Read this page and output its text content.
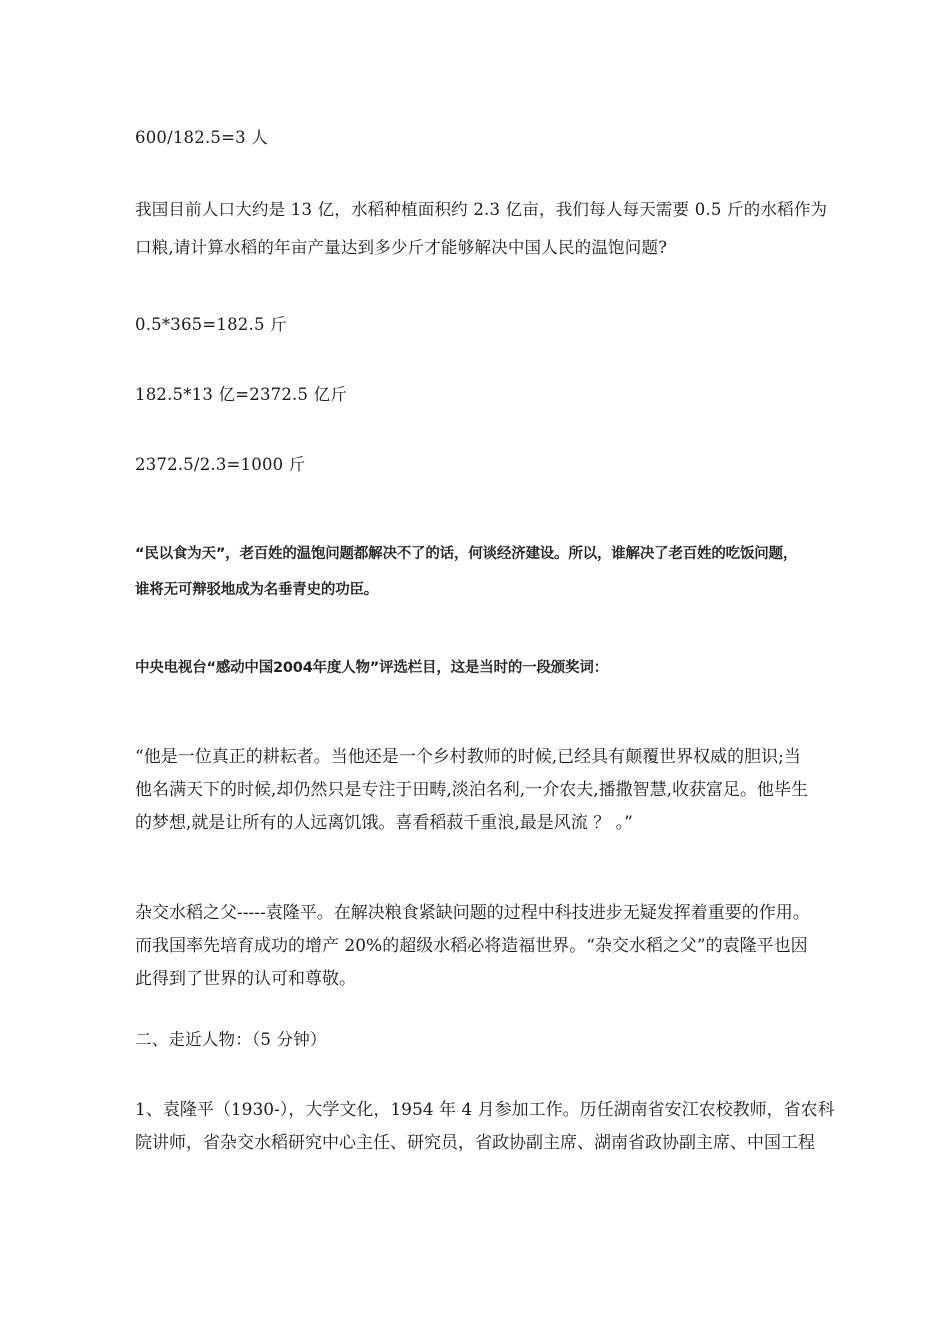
600/182.5=3 人
我国目前人口大约是 13 亿，水稻种植面积约 2.3 亿亩，我们每人每天需要 0.5 斤的水稻作为
口粮,请计算水稻的年亩产量达到多少斤才能够解决中国人民的温饱问题?
0.5*365=182.5 斤
182.5*13 亿=2372.5 亿斤
2372.5/2.3=1000 斤
“民以食为天”，老百姓的温饱问题都解决不了的话，何谈经济建设。所以，谁解决了老百姓的吃饭问题，
谁将无可辩驳地成为名垂青史的功臣。
中央电视台“感动中国2004年度人物”评选栏目，这是当时的一段颁奖词：
“他是一位真正的耕耘者。当他还是一个乡村教师的时候,已经具有颠覆世界权威的胆识;当
他名满天下的时候,却仍然只是专注于田畴,淡泊名利,一介农夫,播撒智慧,收获富足。他毕生
的梦想,就是让所有的人远离饥饿。喜看稻菽千重浪,最是风流 ？ 。”
杂交水稻之父-----袁隆平。在解决粮食紧缺问题的过程中科技进步无疑发挥着重要的作用。
而我国率先培育成功的增产 20%的超级水稻必将造福世界。“杂交水稻之父”的袁隆平也因
此得到了世界的认可和尊敬。
二、走近人物：（5 分钟）
1、袁隆平（1930-），大学文化，1954 年 4 月参加工作。历任湖南省安江农校教师，省农科
院讲师，省杂交水稻研究中心主任、研究员，省政协副主席、湖南省政协副主席、中国工程
